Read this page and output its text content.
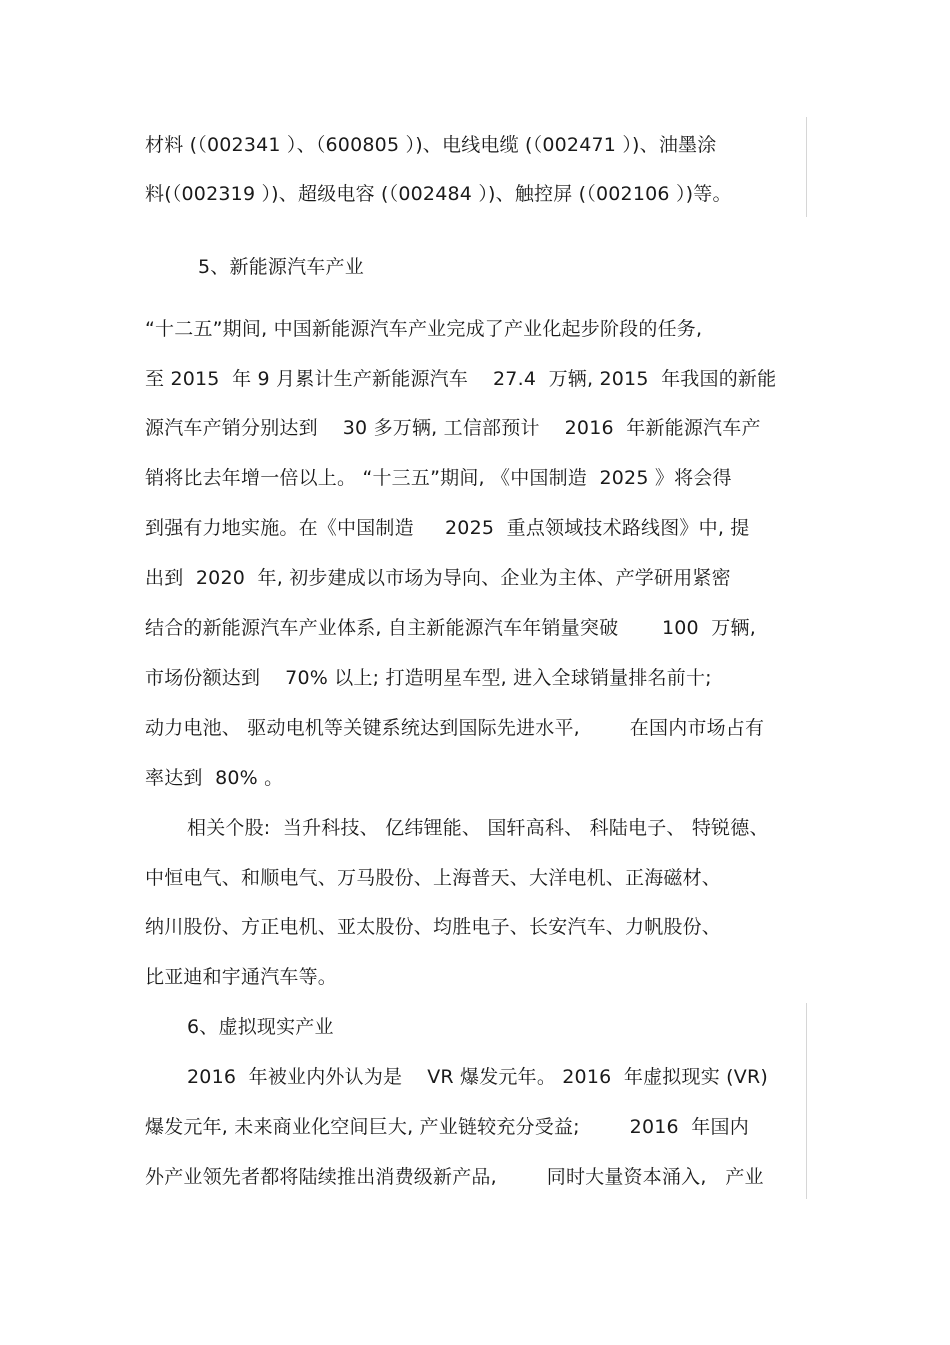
材料 (（002341 ）、（600805 ）)、电线电缆 (（002471 ）)、油墨涂
料(（002319 ）)、超级电容 (（002484 ）)、触控屏 (（002106 ）)等。
5、新能源汽车产业
“十二五”期间, 中国新能源汽车产业完成了产业化起步阶段的任务,
至 2015  年 9 月累计生产新能源汽车    27.4  万辆, 2015  年我国的新能
源汽车产销分别达到    30 多万辆, 工信部预计    2016  年新能源汽车产
销将比去年增一倍以上。 “十三五”期间, 《中国制造  2025 》将会得
到强有力地实施。在《中国制造     2025  重点领域技术路线图》中, 提
出到  2020  年, 初步建成以市场为导向、企业为主体、产学研用紧密
结合的新能源汽车产业体系, 自主新能源汽车年销量突破       100  万辆,
市场份额达到    70% 以上; 打造明星车型, 进入全球销量排名前十;
动力电池、 驱动电机等关键系统达到国际先进水平,        在国内市场占有
率达到  80% 。
相关个股:  当升科技、 亿纬锂能、 国轩高科、 科陆电子、 特锐德、
中恒电气、和顺电气、万马股份、上海普天、大洋电机、正海磁材、
纳川股份、方正电机、亚太股份、均胜电子、长安汽车、力帆股份、
比亚迪和宇通汽车等。
6、虚拟现实产业
2016  年被业内外认为是    VR 爆发元年。 2016  年虚拟现实 (VR)
爆发元年, 未来商业化空间巨大, 产业链较充分受益;        2016  年国内
外产业领先者都将陆续推出消费级新产品,        同时大量资本涌入,   产业
